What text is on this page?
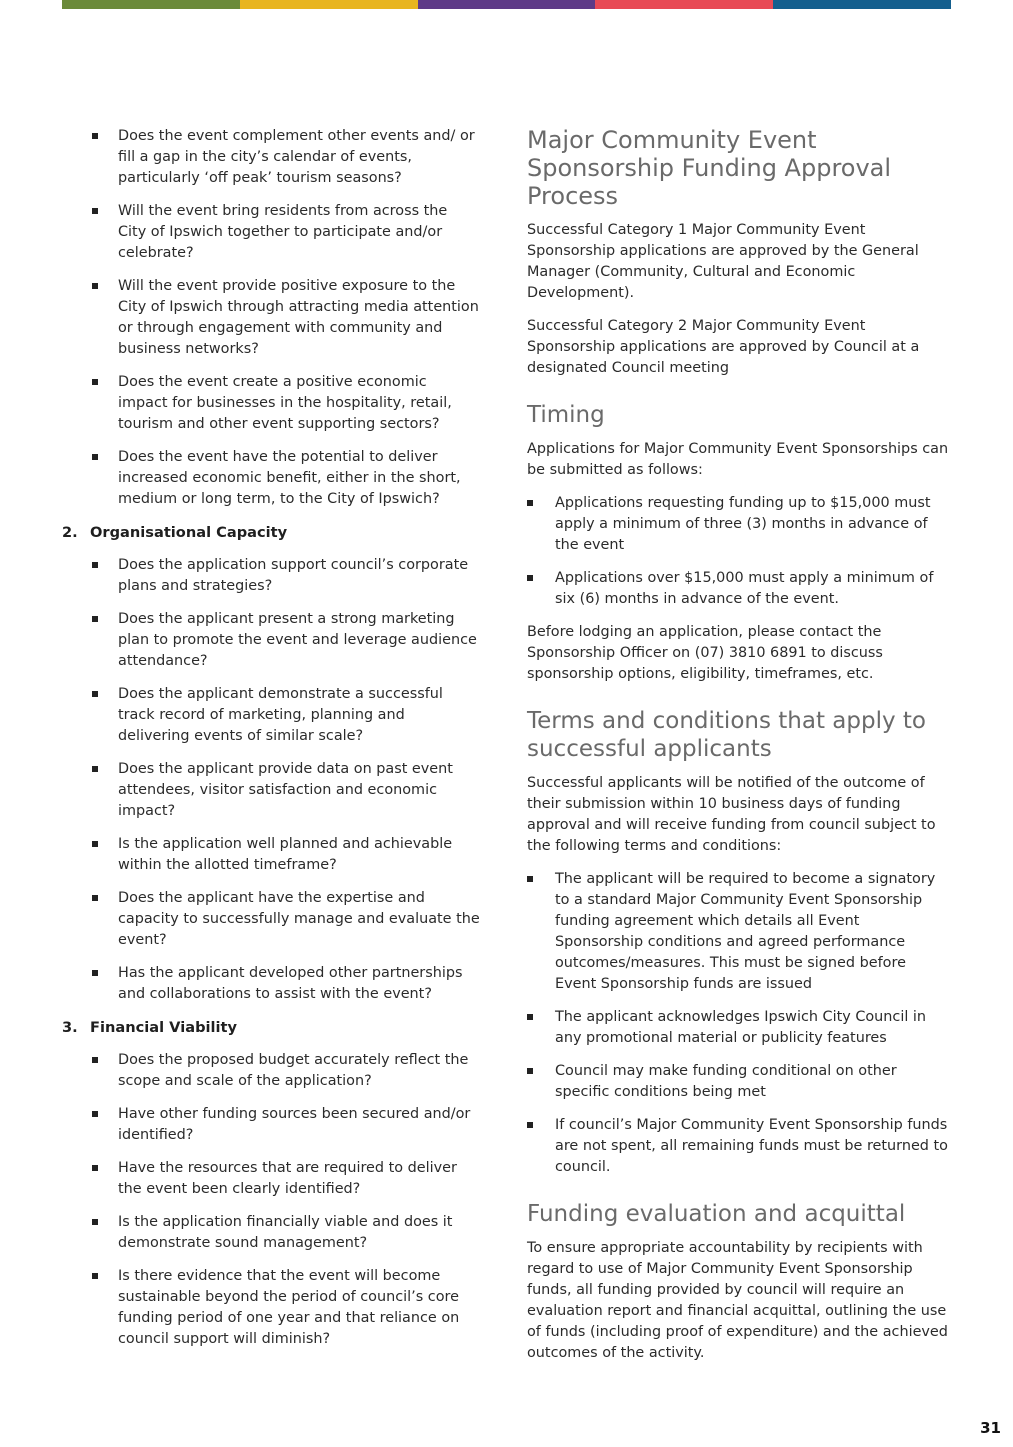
Does the event complement other events and/ or fill a gap in the city’s calendar of events, particularly ‘off peak’ tourism seasons?
Will the event bring residents from across the City of Ipswich together to participate and/or celebrate?
Will the event provide positive exposure to the City of Ipswich through attracting media attention or through engagement with community and business networks?
Does the event create a positive economic impact for businesses in the hospitality, retail, tourism and other event supporting sectors?
Does the event have the potential to deliver increased economic benefit, either in the short, medium or long term, to the City of Ipswich?
2. Organisational Capacity
Does the application support council’s corporate plans and strategies?
Does the applicant present a strong marketing plan to promote the event and leverage audience attendance?
Does the applicant demonstrate a successful track record of marketing, planning and delivering events of similar scale?
Does the applicant provide data on past event attendees, visitor satisfaction and economic impact?
Is the application well planned and achievable within the allotted timeframe?
Does the applicant have the expertise and capacity to successfully manage and evaluate the event?
Has the applicant developed other partnerships and collaborations to assist with the event?
3. Financial Viability
Does the proposed budget accurately reflect the scope and scale of the application?
Have other funding sources been secured and/or identified?
Have the resources that are required to deliver the event been clearly identified?
Is the application financially viable and does it demonstrate sound management?
Is there evidence that the event will become sustainable beyond the period of council’s core funding period of one year and that reliance on council support will diminish?
Major Community Event Sponsorship Funding Approval Process

Successful Category 1 Major Community Event Sponsorship applications are approved by the General Manager (Community, Cultural and Economic Development).

Successful Category 2 Major Community Event Sponsorship applications are approved by Council at a designated Council meeting

Timing

Applications for Major Community Event Sponsorships can be submitted as follows:

Applications requesting funding up to $15,000 must apply a minimum of three (3) months in advance of the event
Applications over $15,000 must apply a minimum of six (6) months in advance of the event.

Before lodging an application, please contact the Sponsorship Officer on (07) 3810 6891 to discuss sponsorship options, eligibility, timeframes, etc.

Terms and conditions that apply to successful applicants

Successful applicants will be notified of the outcome of their submission within 10 business days of funding approval and will receive funding from council subject to the following terms and conditions:

The applicant will be required to become a signatory to a standard Major Community Event Sponsorship funding agreement which details all Event Sponsorship conditions and agreed performance outcomes/measures. This must be signed before Event Sponsorship funds are issued
The applicant acknowledges Ipswich City Council in any promotional material or publicity features
Council may make funding conditional on other specific conditions being met
If council’s Major Community Event Sponsorship funds are not spent, all remaining funds must be returned to council.
Funding evaluation and acquittal

To ensure appropriate accountability by recipients with regard to use of Major Community Event Sponsorship funds, all funding provided by council will require an evaluation report and financial acquittal, outlining the use of funds (including proof of expenditure) and the achieved outcomes of the activity.

31
